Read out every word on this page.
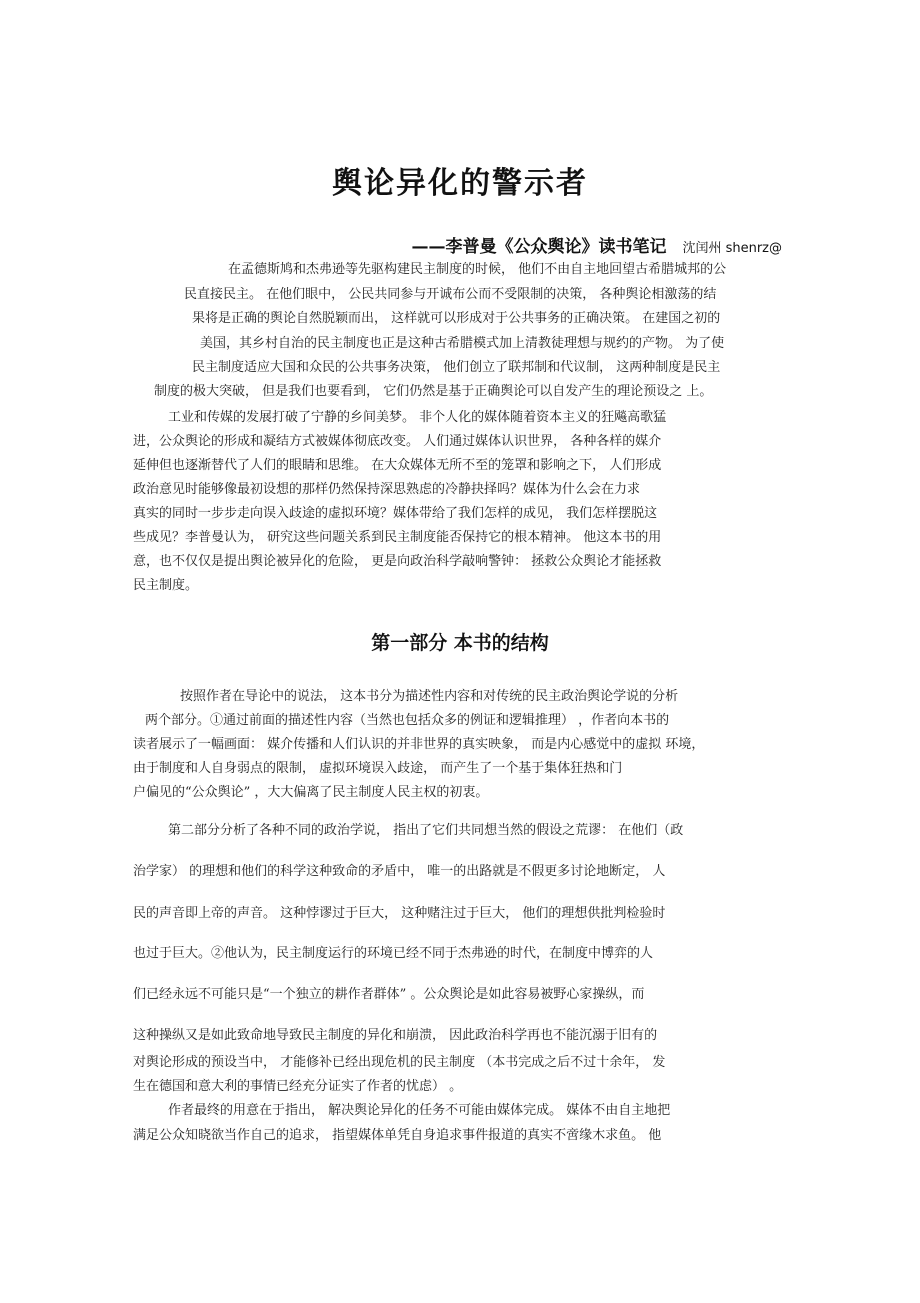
舆论异化的警示者
——李普曼《公众舆论》读书笔记 沈闰州 shenrz@
在孟德斯鸠和杰弗逊等先驱构建民主制度的时候， 他们不由自主地回望古希腊城邦的公
民直接民主。 在他们眼中， 公民共同参与开诚布公而不受限制的决策， 各种舆论相激荡的结
果将是正确的舆论自然脱颖而出， 这样就可以形成对于公共事务的正确决策。 在建国之初的
美国，其乡村自治的民主制度也正是这种古希腊模式加上清教徒理想与规约的产物。 为了使
民主制度适应大国和众民的公共事务决策， 他们创立了联邦制和代议制， 这两种制度是民主
制度的极大突破， 但是我们也要看到， 它们仍然是基于正确舆论可以自发产生的理论预设之 上。
工业和传媒的发展打破了宁静的乡间美梦。 非个人化的媒体随着资本主义的狂飚高歌猛
进，公众舆论的形成和凝结方式被媒体彻底改变。 人们通过媒体认识世界， 各种各样的媒介
延伸但也逐渐替代了人们的眼睛和思维。 在大众媒体无所不至的笼罩和影响之下， 人们形成
政治意见时能够像最初设想的那样仍然保持深思熟虑的冷静抉择吗？媒体为什么会在力求
真实的同时一步步走向误入歧途的虚拟环境？媒体带给了我们怎样的成见， 我们怎样摆脱这
些成见？李普曼认为， 研究这些问题关系到民主制度能否保持它的根本精神。 他这本书的用
意，也不仅仅是提出舆论被异化的危险， 更是向政治科学敲响警钟： 拯救公众舆论才能拯救
民主制度。
第一部分 本书的结构
按照作者在导论中的说法， 这本书分为描述性内容和对传统的民主政治舆论学说的分析
两个部分。①通过前面的描述性内容（当然也包括众多的例证和逻辑推理） ，作者向本书的
读者展示了一幅画面： 媒介传播和人们认识的并非世界的真实映象， 而是内心感觉中的虚拟 环境，
由于制度和人自身弱点的限制， 虚拟环境误入歧途， 而产生了一个基于集体狂热和门
户偏见的“公众舆论” ，大大偏离了民主制度人民主权的初衷。
第二部分分析了各种不同的政治学说， 指出了它们共同想当然的假设之荒谬： 在他们（政
治学家） 的理想和他们的科学这种致命的矛盾中， 唯一的出路就是不假更多讨论地断定， 人
民的声音即上帝的声音。 这种悖谬过于巨大， 这种赌注过于巨大， 他们的理想供批判检验时
也过于巨大。②他认为，民主制度运行的环境已经不同于杰弗逊的时代，在制度中博弈的人
们已经永远不可能只是“一个独立的耕作者群体” 。公众舆论是如此容易被野心家操纵，而
这种操纵又是如此致命地导致民主制度的异化和崩溃， 因此政治科学再也不能沉溺于旧有的
对舆论形成的预设当中， 才能修补已经出现危机的民主制度 （本书完成之后不过十余年， 发
生在德国和意大利的事情已经充分证实了作者的忧虑） 。
作者最终的用意在于指出， 解决舆论异化的任务不可能由媒体完成。 媒体不由自主地把
满足公众知晓欲当作自己的追求， 指望媒体单凭自身追求事件报道的真实不啻缘木求鱼。 他
